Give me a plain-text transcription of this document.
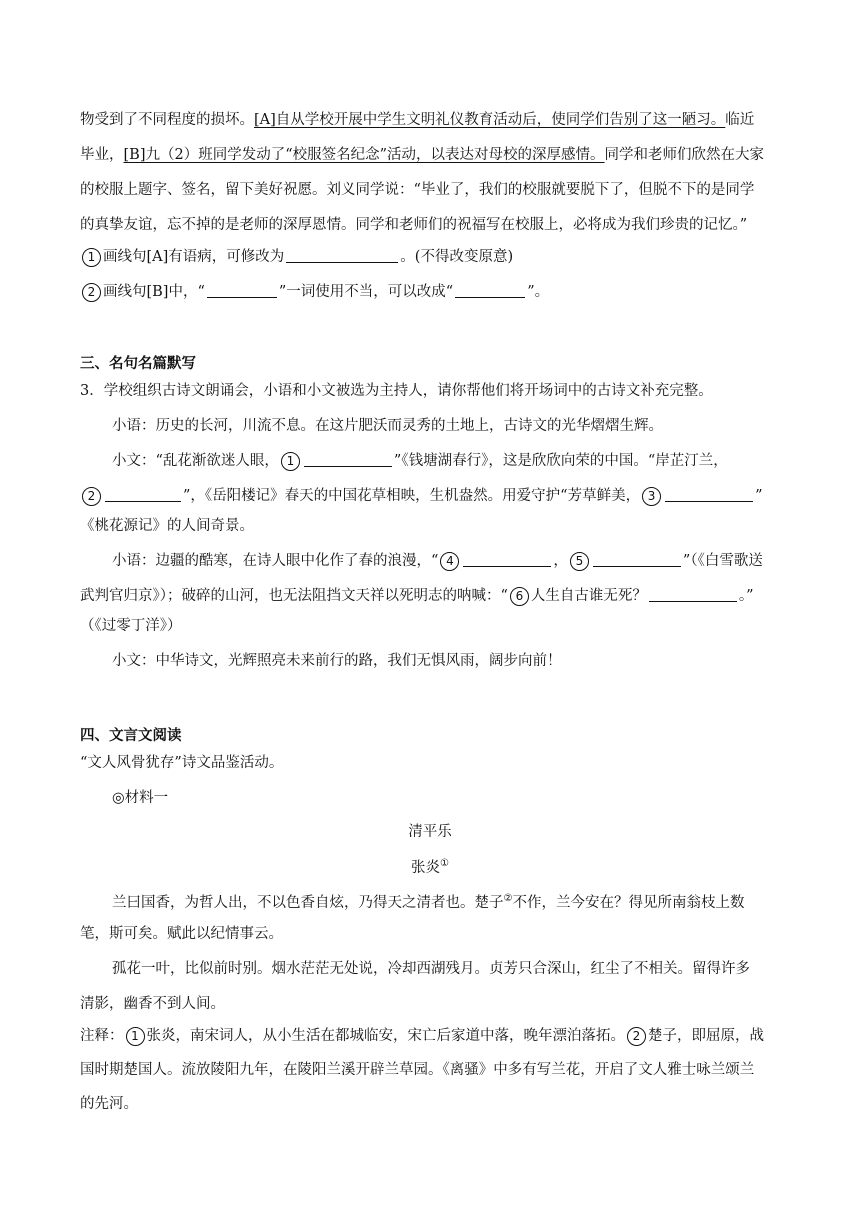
物受到了不同程度的损坏。[A]自从学校开展中学生文明礼仪教育活动后，使同学们告别了这一陋习。临近
毕业，[B]九（2）班同学发动了“校服签名纪念”活动，以表达对母校的深厚感情。同学和老师们欣然在大家
的校服上题字、签名，留下美好祝愿。刘义同学说：“毕业了，我们的校服就要脱下了，但脱不下的是同学
的真挚友谊，忘不掉的是老师的深厚恩情。同学和老师们的祝福写在校服上，必将成为我们珍贵的记忆。”
1 画线句[A]有语病，可修改为	。(不得改变原意)
2 画线句[B]中，“	”一词使用不当，可以改成“	”。
三、名句名篇默写
3．学校组织古诗文朗诵会，小语和小文被选为主持人，请你帮他们将开场词中的古诗文补充完整。
小语：历史的长河，川流不息。在这片肥沃而灵秀的土地上，古诗文的光华熠熠生辉。
小文：“乱花渐欲迷人眼， 1	”《钱塘湖春行》，这是欣欣向荣的中国。“岸芷汀兰，
2	”，《岳阳楼记》春天的中国花草相映，生机盎然。用爱守护“芳草鲜美， 3	”
《桃花源记》的人间奇景。
小语：边疆的酷寒，在诗人眼中化作了春的浪漫，“ 4	， 5	”（《白雪歌送
武判官归京》）；破碎的山河，也无法阻挡文天祥以死明志的呐喊：“ 6 人生自古谁无死？	。”
（《过零丁洋》）
小文：中华诗文，光辉照亮未来前行的路，我们无惧风雨，阔步向前！
四、文言文阅读
“文人风骨犹存”诗文品鉴活动。
◎材料一
清平乐
张炎①
兰曰国香，为哲人出，不以色香自炫，乃得天之清者也。楚子②不作，兰今安在？得见所南翁枝上数
笔，斯可矣。赋此以纪情事云。
孤花一叶，比似前时别。烟水茫茫无处说，冷却西湖残月。贞芳只合深山，红尘了不相关。留得许多
清影，幽香不到人间。
注释： 1 张炎，南宋词人，从小生活在都城临安，宋亡后家道中落，晚年漂泊落拓。 2 楚子，即屈原，战
国时期楚国人。流放陵阳九年，在陵阳兰溪开辟兰草园。《离骚》中多有写兰花，开启了文人雅士咏兰颂兰
的先河。
